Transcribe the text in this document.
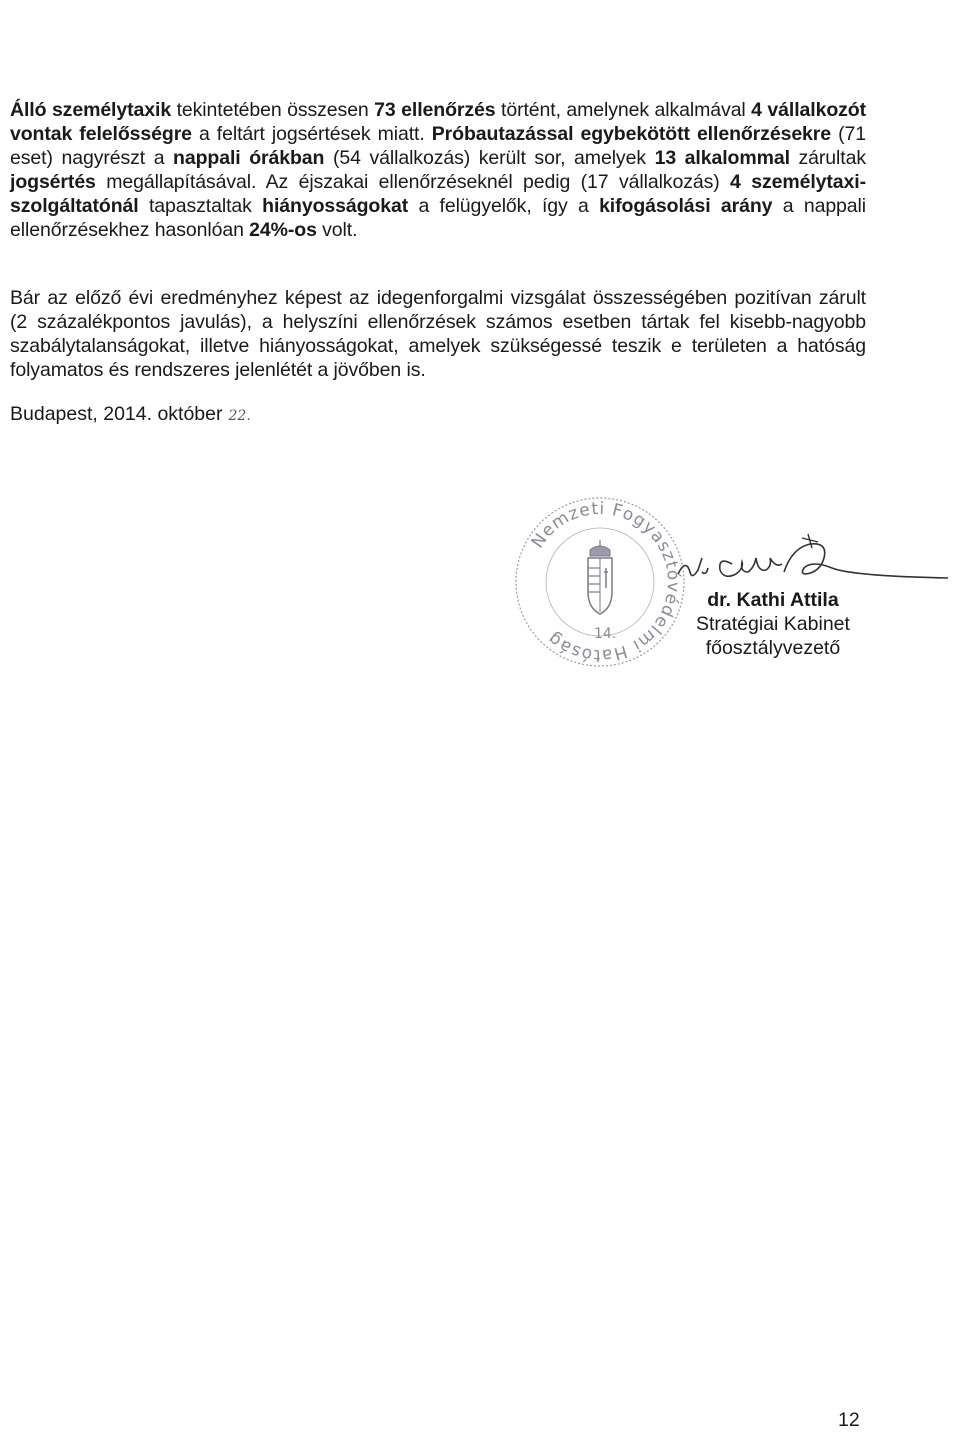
Álló személytaxik tekintetében összesen 73 ellenőrzés történt, amelynek alkalmával 4 vállalkozót vontak felelősségre a feltárt jogsértések miatt. Próbautazással egybekötött ellenőrzésekre (71 eset) nagyrészt a nappali órákban (54 vállalkozás) került sor, amelyek 13 alkalommal zárultak jogsértés megállapításával. Az éjszakai ellenőrzéseknél pedig (17 vállalkozás) 4 személytaxi-szolgáltatónál tapasztaltak hiányosságokat a felügyelők, így a kifogásolási arány a nappali ellenőrzésekhez hasonlóan 24%-os volt.

Bár az előző évi eredményhez képest az idegenforgalmi vizsgálat összességében pozitívan zárult (2 százalékpontos javulás), a helyszíni ellenőrzések számos esetben tártak fel kisebb-nagyobb szabálytalanságokat, illetve hiányosságokat, amelyek szükségessé teszik e területen a hatóság folyamatos és rendszeres jelenlétét a jövőben is.

Budapest, 2014. október 22.
Nemzeti Fogyasztóvédelmi Hatóság	14.
dr. Kathi Attila
Stratégiai Kabinet
főosztályvezető
12
